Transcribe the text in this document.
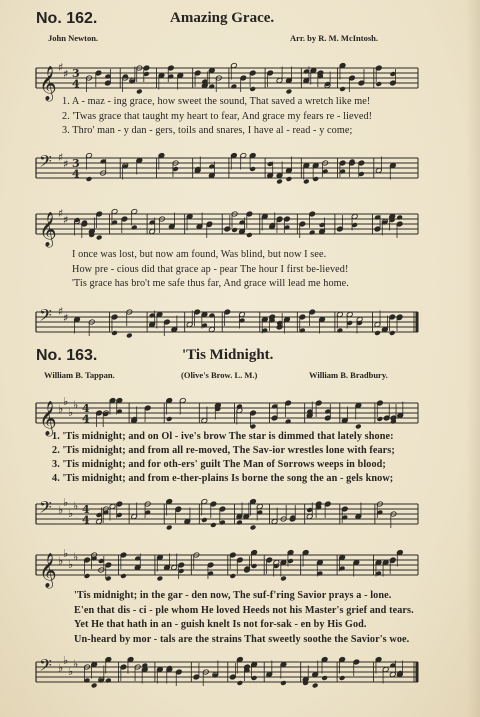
No. 162.	Amazing Grace.
John Newton.	Arr. by R. M. McIntosh.
𝄞 ♯ ♯ 3
4
1. A - maz - ing grace, how sweet the sound, That saved a wretch like me!
2. 'Twas grace that taught my heart to fear, And grace my fears re - lieved!
3. Thro' man - y dan - gers, toils and snares, I have al - read - y come;
𝄢 ♯ ♯ 3
4
𝄞 ♯ ♯
I once was lost, but now am found, Was blind, but now I see.
How pre - cious did that grace ap - pear The hour I first be-lieved!
'Tis grace has bro't me safe thus far, And grace will lead me home.
𝄢 ♯ ♯
No. 163.	'Tis Midnight.
William B. Tappan.	(Olive's Brow. L. M.)	William B. Bradbury.
𝄞 ♭
♭
♭
♭ 4
4
1. 'Tis midnight; and on Ol - ive's brow The star is dimmed that lately shone:
2. 'Tis midnight; and from all re-moved, The Sav-ior wrestles lone with fears;
3. 'Tis midnight; and for oth-ers' guilt The Man of Sorrows weeps in blood;
4. 'Tis midnight; and from e-ther-plains Is borne the song the an - gels know;
𝄢 ♭
♭
♭
♭ 4
4
𝄞 ♭
♭
♭
♭
'Tis midnight; in the gar - den now, The suf-f'ring Savior prays a - lone.
E'en that dis - ci - ple whom He loved Heeds not his Master's grief and tears.
Yet He that hath in an - guish knelt Is not for-sak - en by His God.
Un-heard by mor - tals are the strains That sweetly soothe the Savior's woe.
𝄢 ♭
♭
♭
♭
